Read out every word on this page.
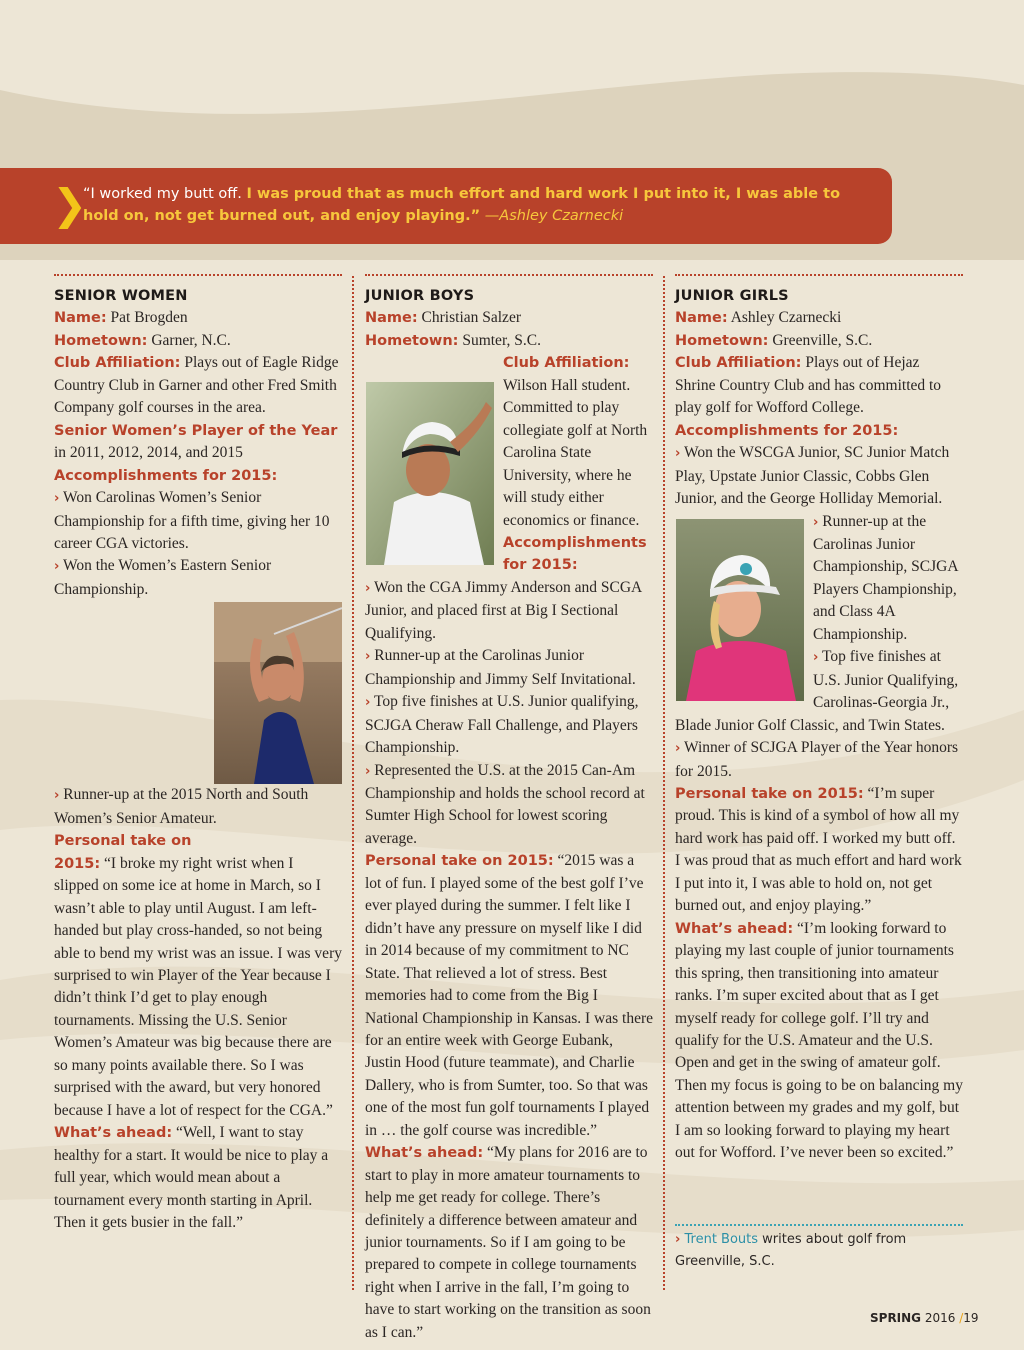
❯
“I worked my butt off. I was proud that as much effort and hard work I put into it, I was able to hold on, not get burned out, and enjoy playing.” —Ashley Czarnecki

SENIOR WOMEN

Name: Pat Brogden

Hometown: Garner, N.C.

Club Affiliation: Plays out of Eagle Ridge Country Club in Garner and other Fred Smith Company golf courses in the area.

Senior Women’s Player of the Year in 2011, 2012, 2014, and 2015

Accomplishments for 2015:

› Won Carolinas Women’s Senior Championship for a fifth time, giving her 10 career CGA victories.

› Won the Women’s Eastern Senior Championship.

› Runner-up at the 2015 North and South Women’s Senior Amateur.

Personal take on
2015: “I broke my right wrist when I slipped on some ice at home in March, so I wasn’t able to play until August. I am left-handed but play cross-handed, so not being able to bend my wrist was an issue. I was very surprised to win Player of the Year because I didn’t think I’d get to play enough tournaments. Missing the U.S. Senior Women’s Amateur was big because there are so many points available there. So I was surprised with the award, but very honored because I have a lot of respect for the CGA.”

What’s ahead: “Well, I want to stay healthy for a start. It would be nice to play a full year, which would mean about a tournament every month starting in April. Then it gets busier in the fall.”

JUNIOR BOYS

Name: Christian Salzer

Hometown: Sumter, S.C.

Club Affiliation: Wilson Hall student. Committed to play collegiate golf at North Carolina State University, where he will study either economics or finance.

Accomplishments
for 2015:

› Won the CGA Jimmy Anderson and SCGA Junior, and placed first at Big I Sectional Qualifying.

› Runner-up at the Carolinas Junior Championship and Jimmy Self Invitational.

› Top five finishes at U.S. Junior qualifying, SCJGA Cheraw Fall Challenge, and Players Championship.

› Represented the U.S. at the 2015 Can-Am Championship and holds the school record at Sumter High School for lowest scoring average.

Personal take on 2015: “2015 was a lot of fun. I played some of the best golf I’ve ever played during the summer. I felt like I didn’t have any pressure on myself like I did in 2014 because of my commitment to NC State. That relieved a lot of stress. Best memories had to come from the Big I National Championship in Kansas. I was there for an entire week with George Eubank, Justin Hood (future teammate), and Charlie Dallery, who is from Sumter, too. So that was one of the most fun golf tournaments I played in … the golf course was incredible.”

What’s ahead: “My plans for 2016 are to start to play in more amateur tournaments to help me get ready for college. There’s definitely a difference between amateur and junior tournaments. So if I am going to be prepared to compete in college tournaments right when I arrive in the fall, I’m going to have to start working on the transition as soon as I can.”

JUNIOR GIRLS

Name: Ashley Czarnecki

Hometown: Greenville, S.C.

Club Affiliation: Plays out of Hejaz Shrine Country Club and has committed to play golf for Wofford College.

Accomplishments for 2015:

› Won the WSCGA Junior, SC Junior Match Play, Upstate Junior Classic, Cobbs Glen Junior, and the George Holliday Memorial.

› Runner-up at the Carolinas Junior Championship, SCJGA Players Championship, and Class 4A Championship.

› Top five finishes at U.S. Junior Qualifying, Carolinas-Georgia Jr., Blade Junior Golf Classic, and Twin States.

› Winner of SCJGA Player of the Year honors for 2015.

Personal take on 2015: “I’m super proud. This is kind of a symbol of how all my hard work has paid off. I worked my butt off. I was proud that as much effort and hard work I put into it, I was able to hold on, not get burned out, and enjoy playing.”

What’s ahead: “I’m looking forward to playing my last couple of junior tournaments this spring, then transitioning into amateur ranks. I’m super excited about that as I get myself ready for college golf. I’ll try and qualify for the U.S. Amateur and the U.S. Open and get in the swing of amateur golf. Then my focus is going to be on balancing my attention between my grades and my golf, but I am so looking forward to playing my heart out for Wofford. I’ve never been so excited.”

› Trent Bouts writes about golf from Greenville, S.C.
SPRING 2016 /19
